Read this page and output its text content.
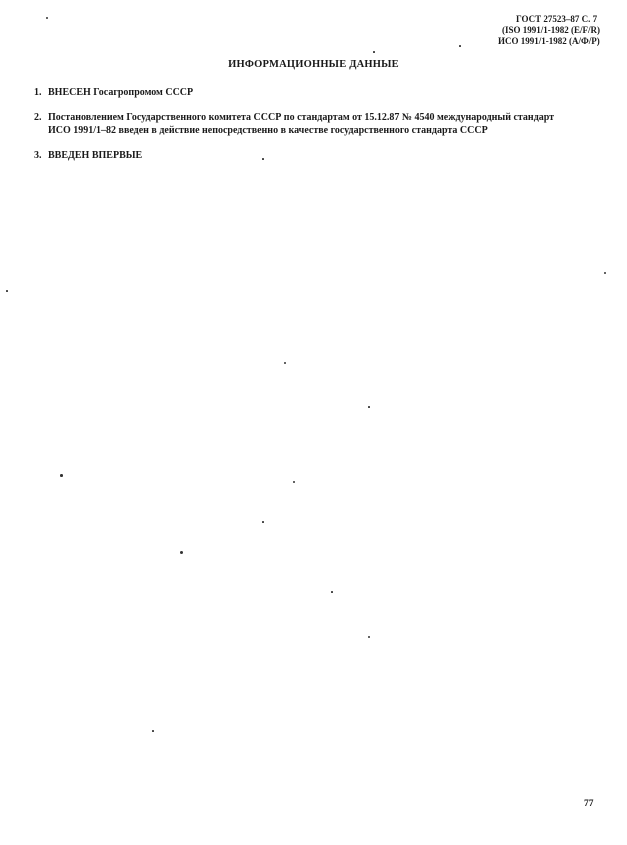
ГОСТ 27523–87 С. 7
(ISO 1991/1-1982 (E/F/R)
ИСО 1991/1-1982 (А/Ф/Р)
ИНФОРМАЦИОННЫЕ ДАННЫЕ
1. ВНЕСЕН Госагропромом СССР
2. Постановлением Государственного комитета СССР по стандартам от 15.12.87 № 4540 международный стандарт
ИСО 1991/1–82 введен в действие непосредственно в качестве государственного стандарта СССР
3. ВВЕДЕН ВПЕРВЫЕ
77
